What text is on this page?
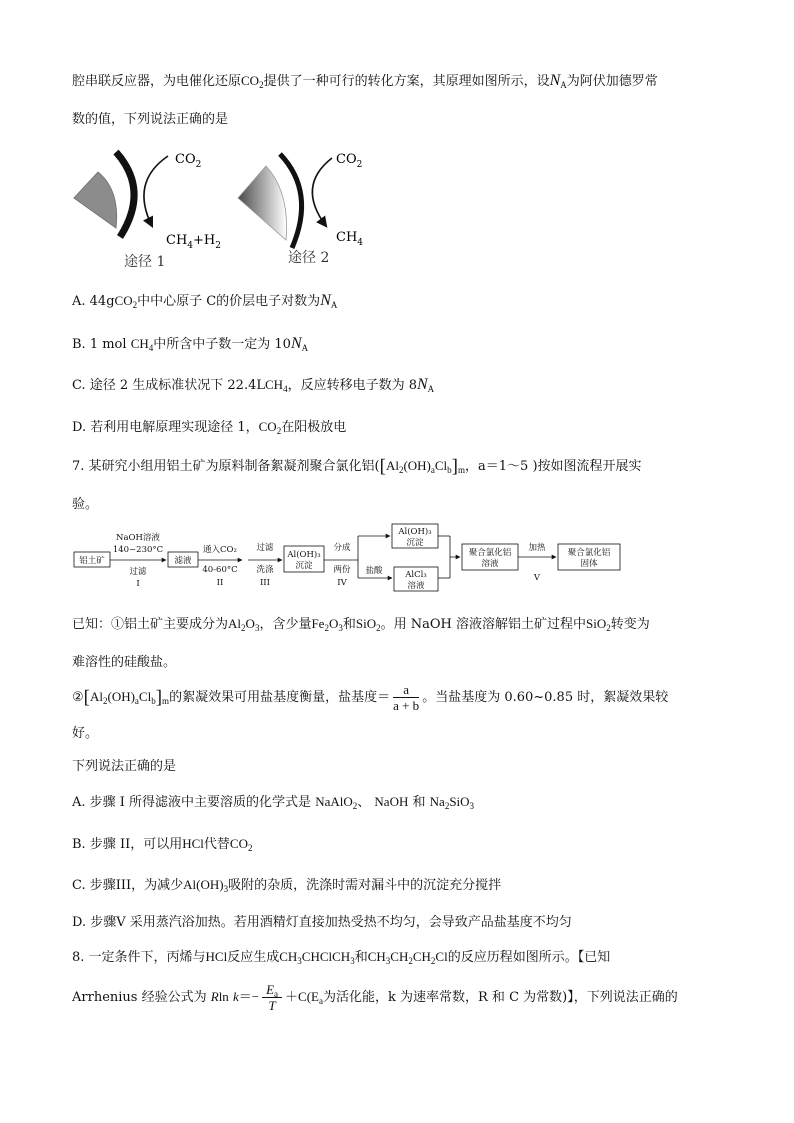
腔串联反应器，为电催化还原$CO_2$提供了一种可行的转化方案，其原理如图所示，设$N_A$为阿伏加德罗常
数的值，下列说法正确的是
$CO_2$
$CH_4+H_2$
途径 1
$CO_2$
$CH_4$
途径 2
A. 44gCO$_2$中中心原子 C的价层电子对数为$N_A$
B. 1 mol $CH_4$中所含中子数一定为 $10N_A$
C. 途径 2 生成标准状况下 $22.4LCH_4$，反应转移电子数为 $8N_A$
D. 若利用电解原理实现途径 1，$CO_2$在阳极放电
7. 某研究小组用铝土矿为原料制备絮凝剂聚合氯化铝($[Al_2(OH)_aCl_b]_m$，a＝1～5 )按如图流程开展实
验。
铝土矿
NaOH溶液
140~230°C
过滤
I
滤液
通入CO₂
40-60°C
II
过滤
洗涤
III
Al(OH)₃
沉淀
分成
两份
IV
盐酸
Al(OH)₃
沉淀
AlCl₃
溶液
聚合氯化铝
溶液
加热
V
聚合氯化铝
固体
已知：①铝土矿主要成分为$Al_2O_3$，含少量$Fe_2O_3$和SiO$_2$。用 NaOH 溶液溶解铝土矿过程中SiO$_2$转变为
难溶性的硅酸盐。
$②[Al_2(OH)_aCl_b]_m$的絮凝效果可用盐基度衡量，盐基度＝ $\frac{a}{a + b}$ 。当盐基度为 0.60~0.85 时，絮凝效果较
好。
下列说法正确的是
A. 步骤 I 所得滤液中主要溶质的化学式是 NaAlO$_2$、 NaOH 和 $Na_2SiO_3$
B. 步骤 II，可以用HCl代替$CO_2$
C. 步骤III，为减少$Al(OH)_3$吸附的杂质，洗涤时需对漏斗中的沉淀充分搅拌
D. 步骤V 采用蒸汽浴加热。若用酒精灯直接加热受热不均匀，会导致产品盐基度不均匀
8. 一定条件下，丙烯与HCl反应生成$CH_3CHClCH_3$和$CH_3CH_2CH_2Cl$的反应历程如图所示。【已知
Arrhenius 经验公式为 Rln $k=- \frac{E_a}{T} +C(E_a$为活化能，k 为速率常数，R 和 C 为常数)】，下列说法正确的
